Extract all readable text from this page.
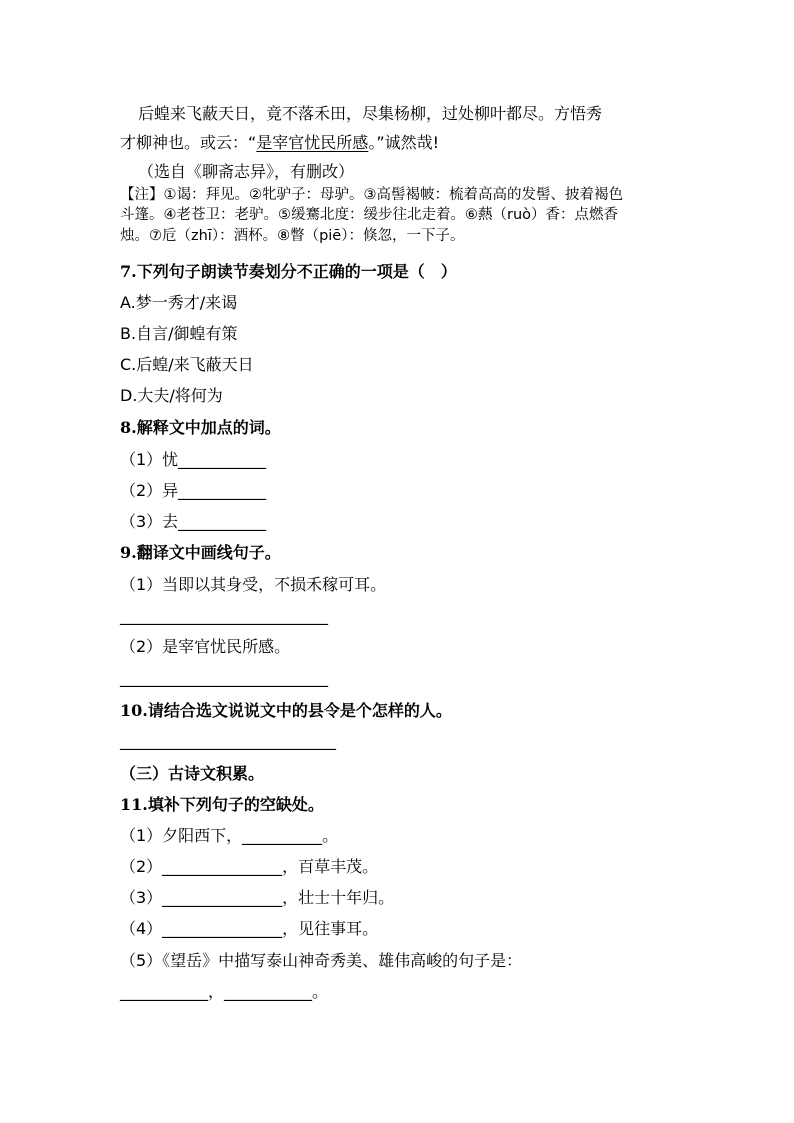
后蝗来飞蔽天日，竟不落禾田，尽集杨柳，过处柳叶都尽。方悟秀
才柳神也。或云：“是宰官忧民所感。”诚然哉!
（选自《聊斋志异》，有删改）
【注】①谒：拜见。②牝驴子：母驴。③高髻褐帔：梳着高高的发髻、披着褐色
斗篷。④老苍卫：老驴。⑤缓騫北度：缓步往北走着。⑥爇（ruò）香：点燃香
烛。⑦卮（zhī）：酒杯。⑧瞥（piē）：倏忽，一下子。
7.下列句子朗读节奏划分不正确的一项是（　）
A.梦一秀才/来谒
B.自言/御蝗有策
C.后蝗/来飞蔽天日
D.大夫/将何为
8.解释文中加点的词。
（1）忧___________
（2）异___________
（3）去___________
9.翻译文中画线句子。
（1）当即以其身受，不损禾稼可耳。
__________________________
（2）是宰官忧民所感。
__________________________
10.请结合选文说说文中的县令是个怎样的人。
___________________________
（三）古诗文积累。
11.填补下列句子的空缺处。
（1）夕阳西下，__________。
（2）_______________，百草丰茂。
（3）_______________，壮士十年归。
（4）_______________，见往事耳。
（5）《望岳》中描写泰山神奇秀美、雄伟高峻的句子是：
___________，___________。
